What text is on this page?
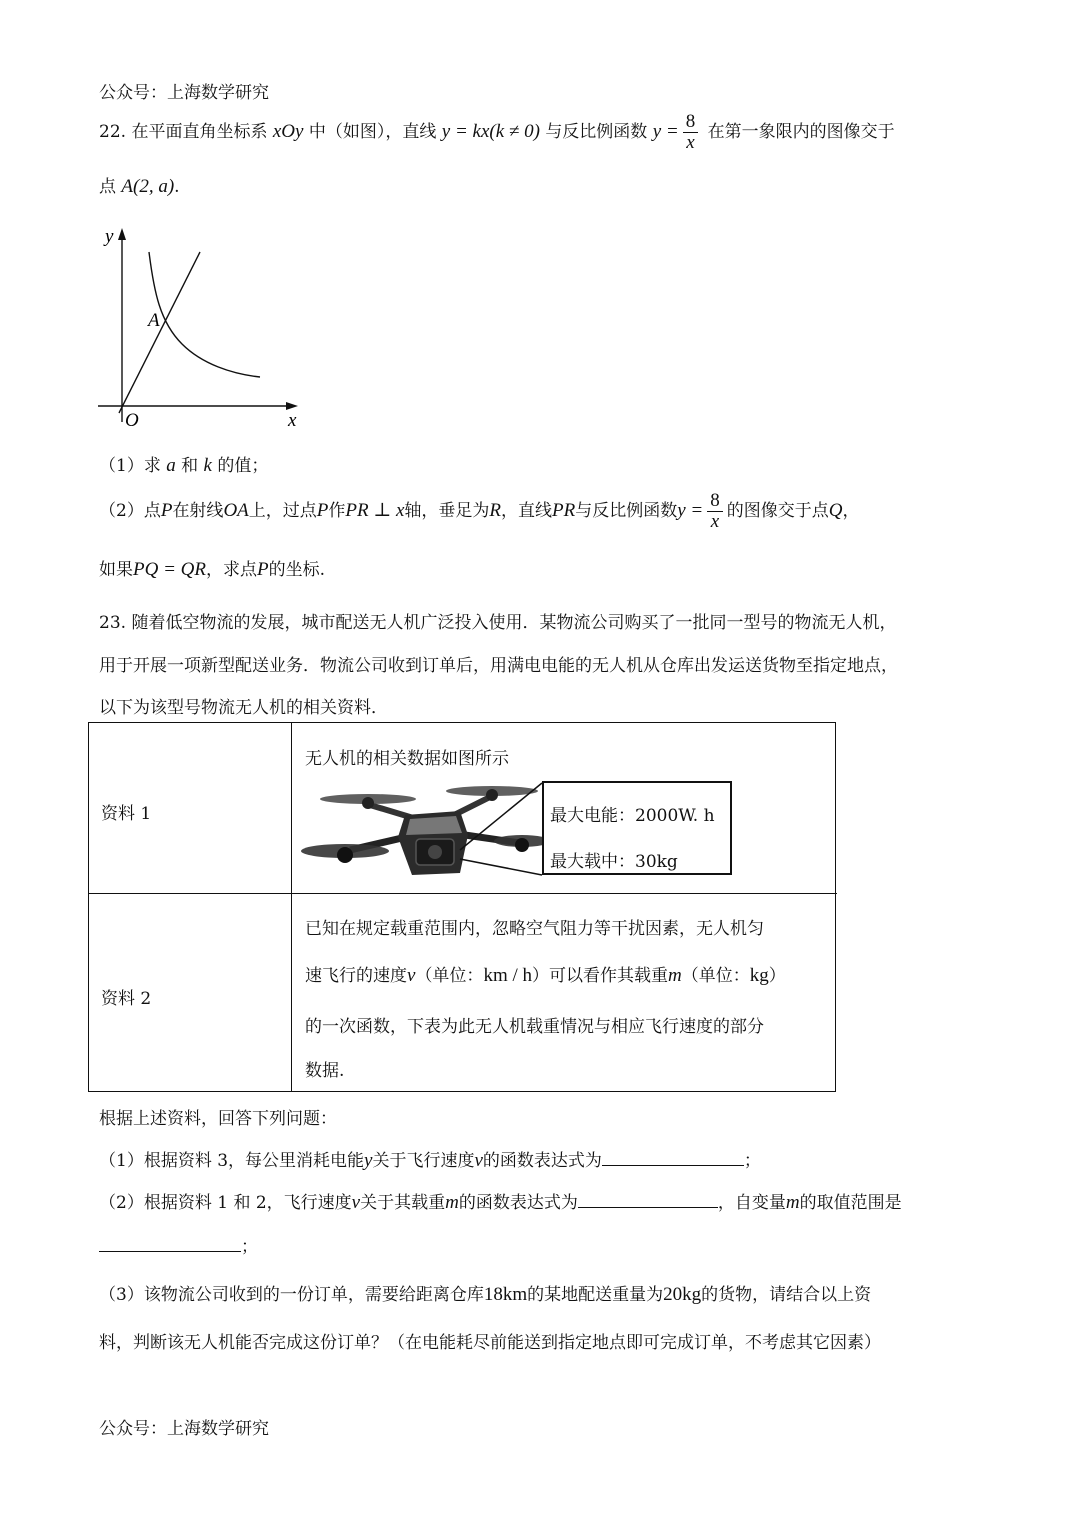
公众号：上海数学研究
22. 在平面直角坐标系 xOy 中（如图），直线 y = kx(k ≠ 0) 与反比例函数 $y = \frac{8}{x}$ 在第一象限内的图像交于
点 A(2, a).
y
x
O
A
（1）求 a 和 k 的值；
（2）点P在射线OA上，过点P作PR ⊥ x轴，垂足为R，直线PR与反比例函数$y = \frac{8}{x}$ 的图像交于点Q，
如果PQ = QR，求点P的坐标.
23. 随着低空物流的发展，城市配送无人机广泛投入使用．某物流公司购买了一批同一型号的物流无人机，
用于开展一项新型配送业务．物流公司收到订单后，用满电电能的无人机从仓库出发运送货物至指定地点，
以下为该型号物流无人机的相关资料．
资料 1
无人机的相关数据如图所示
资料 2
已知在规定载重范围内，忽略空气阻力等干扰因素，无人机匀
速飞行的速度v（单位：km / h）可以看作其载重m（单位：kg）
的一次函数，下表为此无人机载重情况与相应飞行速度的部分
数据.
最大电能：2000W. h
最大载中：30kg
根据上述资料，回答下列问题：
（1）根据资料 3，每公里消耗电能y关于飞行速度v的函数表达式为	；
（2）根据资料 1 和 2，飞行速度v关于其载重m的函数表达式为	，自变量m的取值范围是
；
（3）该物流公司收到的一份订单，需要给距离仓库18km的某地配送重量为20kg的货物，请结合以上资
料，判断该无人机能否完成这份订单？（在电能耗尽前能送到指定地点即可完成订单，不考虑其它因素）
公众号：上海数学研究
